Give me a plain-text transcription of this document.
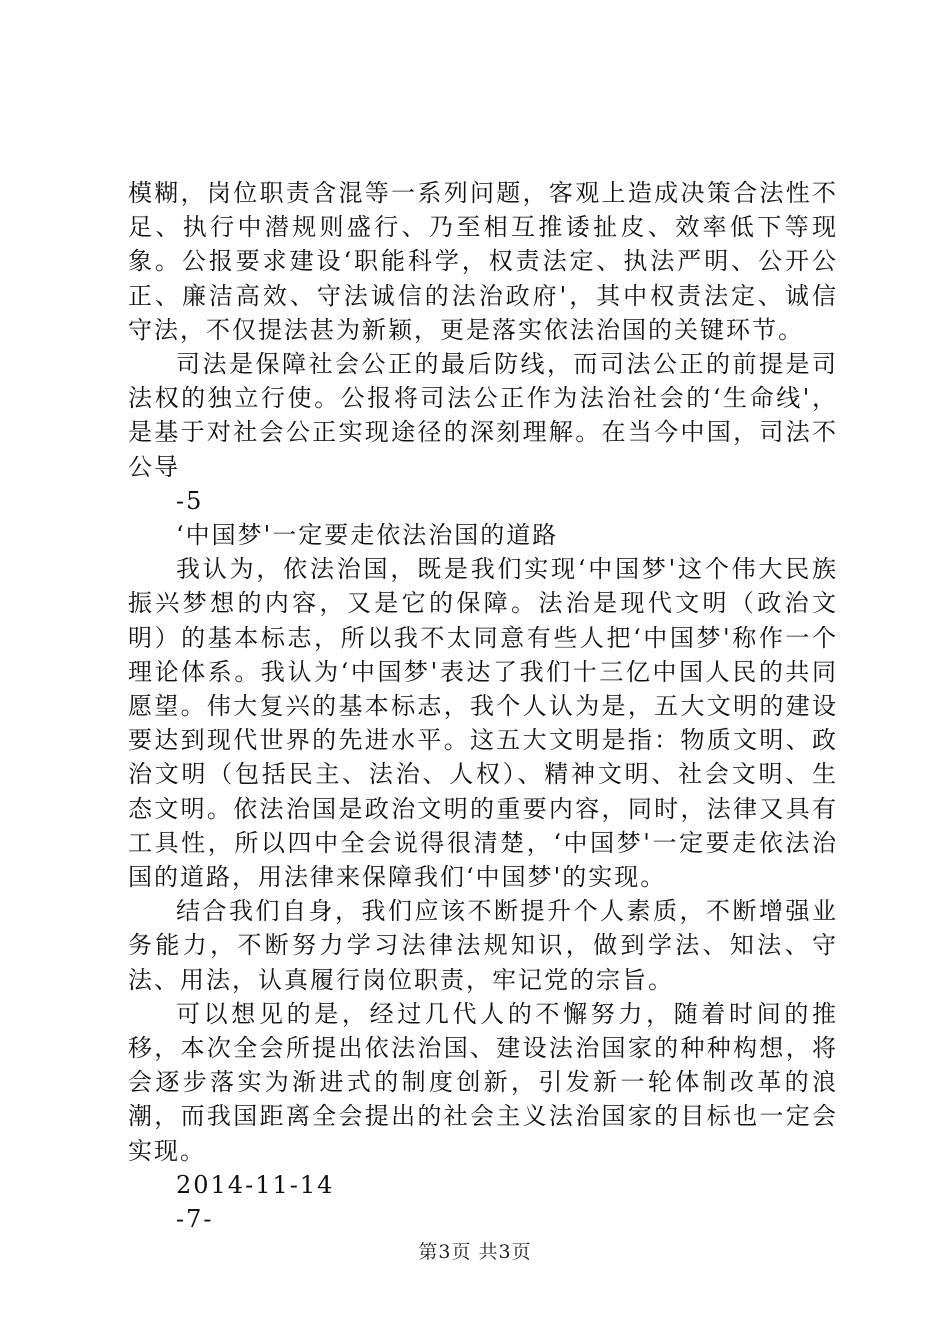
模糊，岗位职责含混等一系列问题，客观上造成决策合法性不足、执行中潜规则盛行、乃至相互推诿扯皮、效率低下等现象。公报要求建设‘职能科学，权责法定、执法严明、公开公正、廉洁高效、守法诚信的法治政府'，其中权责法定、诚信守法，不仅提法甚为新颖，更是落实依法治国的关键环节。

司法是保障社会公正的最后防线，而司法公正的前提是司法权的独立行使。公报将司法公正作为法治社会的‘生命线'，是基于对社会公正实现途径的深刻理解。在当今中国，司法不公导

-5

‘中国梦'一定要走依法治国的道路

我认为，依法治国，既是我们实现‘中国梦'这个伟大民族振兴梦想的内容，又是它的保障。法治是现代文明（政治文明）的基本标志，所以我不太同意有些人把‘中国梦'称作一个理论体系。我认为‘中国梦'表达了我们十三亿中国人民的共同愿望。伟大复兴的基本标志，我个人认为是，五大文明的建设要达到现代世界的先进水平。这五大文明是指：物质文明、政治文明（包括民主、法治、人权）、精神文明、社会文明、生态文明。依法治国是政治文明的重要内容，同时，法律又具有工具性，所以四中全会说得很清楚，‘中国梦'一定要走依法治国的道路，用法律来保障我们‘中国梦'的实现。

结合我们自身，我们应该不断提升个人素质，不断增强业务能力，不断努力学习法律法规知识，做到学法、知法、守法、用法，认真履行岗位职责，牢记党的宗旨。

可以想见的是，经过几代人的不懈努力，随着时间的推移，本次全会所提出依法治国、建设法治国家的种种构想，将会逐步落实为渐进式的制度创新，引发新一轮体制改革的浪潮，而我国距离全会提出的社会主义法治国家的目标也一定会实现。

2014-11-14

-7-

第3页 共3页
